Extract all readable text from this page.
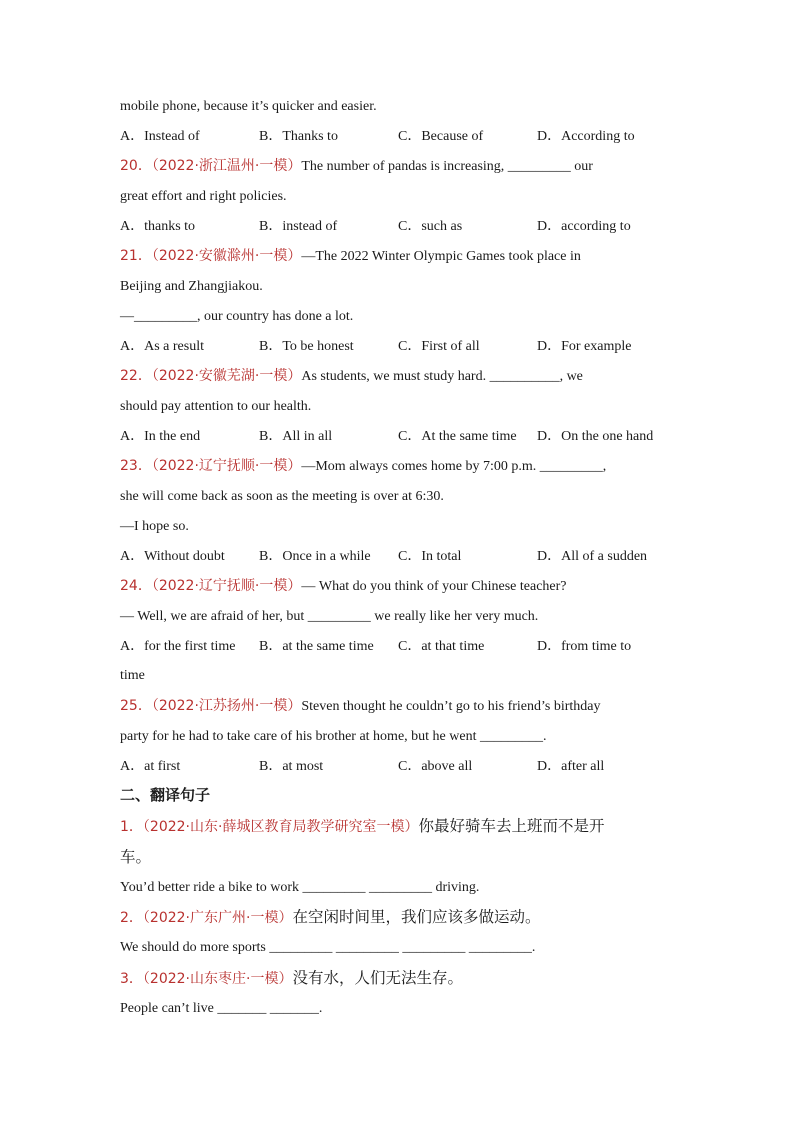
mobile phone, because it’s quicker and easier.
A．Instead of	B．Thanks to	C．Because of	D．According to
20．（2022·浙江温州·一模）The number of pandas is increasing, _________ our
great effort and right policies.
A．thanks to	B．instead of	C．such as	D．according to
21．（2022·安徽滁州·一模）—The 2022 Winter Olympic Games took place in
Beijing and Zhangjiakou.
—_________, our country has done a lot.
A．As a result	B．To be honest	C．First of all	D．For example
22．（2022·安徽芜湖·一模）As students, we must study hard. __________, we
should pay attention to our health.
A．In the end	B．All in all	C．At the same time	D．On the one hand
23．（2022·辽宁抚顺·一模）—Mom always comes home by 7:00 p.m. _________,
she will come back as soon as the meeting is over at 6:30.
—I hope so.
A．Without doubt	B．Once in a while	C．In total	D．All of a sudden
24．（2022·辽宁抚顺·一模）— What do you think of your Chinese teacher?
— Well, we are afraid of her, but _________ we really like her very much.
A．for the first time	B．at the same time	C．at that time	D．from time to
time
25．（2022·江苏扬州·一模）Steven thought he couldn’t go to his friend’s birthday
party for he had to take care of his brother at home, but he went _________.
A．at first	B．at most	C．above all	D．after all
二、翻译句子
1．（2022·山东·薛城区教育局教学研究室一模）你最好骑车去上班而不是开
车。
You’d better ride a bike to work _________ _________ driving.
2．（2022·广东广州·一模）在空闲时间里，我们应该多做运动。
We should do more sports _________ _________ _________ _________.
3．（2022·山东枣庄·一模）没有水，人们无法生存。
People can’t live _______ _______.
